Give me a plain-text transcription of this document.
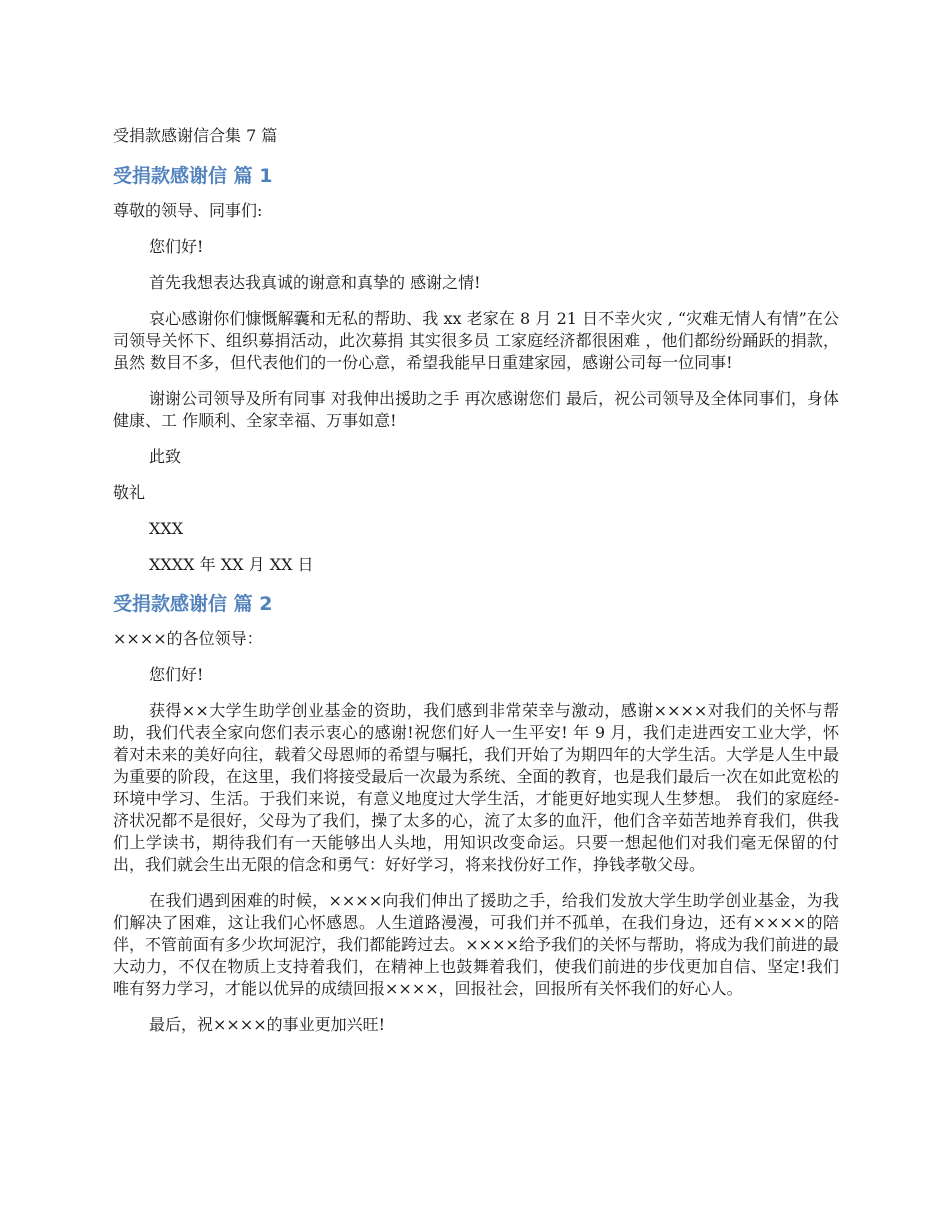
受捐款感谢信合集 7 篇
受捐款感谢信 篇 1
尊敬的领导、同事们:
您们好!
首先我想表达我真诚的谢意和真挚的 感谢之情!
哀心感谢你们慷慨解囊和无私的帮助、我 xx 老家在 8 月 21 日不幸火灾 , “灾难无情人有情”在公 司领导关怀下、组织募捐活动，此次募捐 其实很多员 工家庭经济都很困难 ，他们都纷纷踊跃的捐款，虽然 数目不多，但代表他们的一份心意，希望我能早日重建家园，感谢公司每一位同事!
谢谢公司领导及所有同事 对我伸出援助之手 再次感谢您们 最后，祝公司领导及全体同事们，身体健康、工 作顺利、全家幸福、万事如意!
此致
敬礼
XXX
XXXX 年 XX 月 XX 日
受捐款感谢信 篇 2
××××的各位领导：
您们好!
获得××大学生助学创业基金的资助，我们感到非常荣幸与激动，感谢××××对我们的关怀与帮助，我们代表全家向您们表示衷心的感谢!祝您们好人一生平安! 年 9 月，我们走进西安工业大学，怀着对未来的美好向往，载着父母恩师的希望与嘱托，我们开始了为期四年的大学生活。大学是人生中最为重要的阶段，在这里，我们将接受最后一次最为系统、全面的教育，也是我们最后一次在如此宽松的环境中学习、生活。于我们来说，有意义地度过大学生活，才能更好地实现人生梦想。 我们的家庭经-济状况都不是很好，父母为了我们，操了太多的心，流了太多的血汗，他们含辛茹苦地养育我们，供我们上学读书，期待我们有一天能够出人头地，用知识改变命运。只要一想起他们对我们毫无保留的付出，我们就会生出无限的信念和勇气：好好学习，将来找份好工作，挣钱孝敬父母。
在我们遇到困难的时候，××××向我们伸出了援助之手，给我们发放大学生助学创业基金，为我们解决了困难，这让我们心怀感恩。人生道路漫漫，可我们并不孤单，在我们身边，还有××××的陪伴，不管前面有多少坎坷泥泞，我们都能跨过去。××××给予我们的关怀与帮助，将成为我们前进的最大动力，不仅在物质上支持着我们，在精神上也鼓舞着我们，使我们前进的步伐更加自信、坚定!我们唯有努力学习，才能以优异的成绩回报××××，回报社会，回报所有关怀我们的好心人。
最后，祝××××的事业更加兴旺!
